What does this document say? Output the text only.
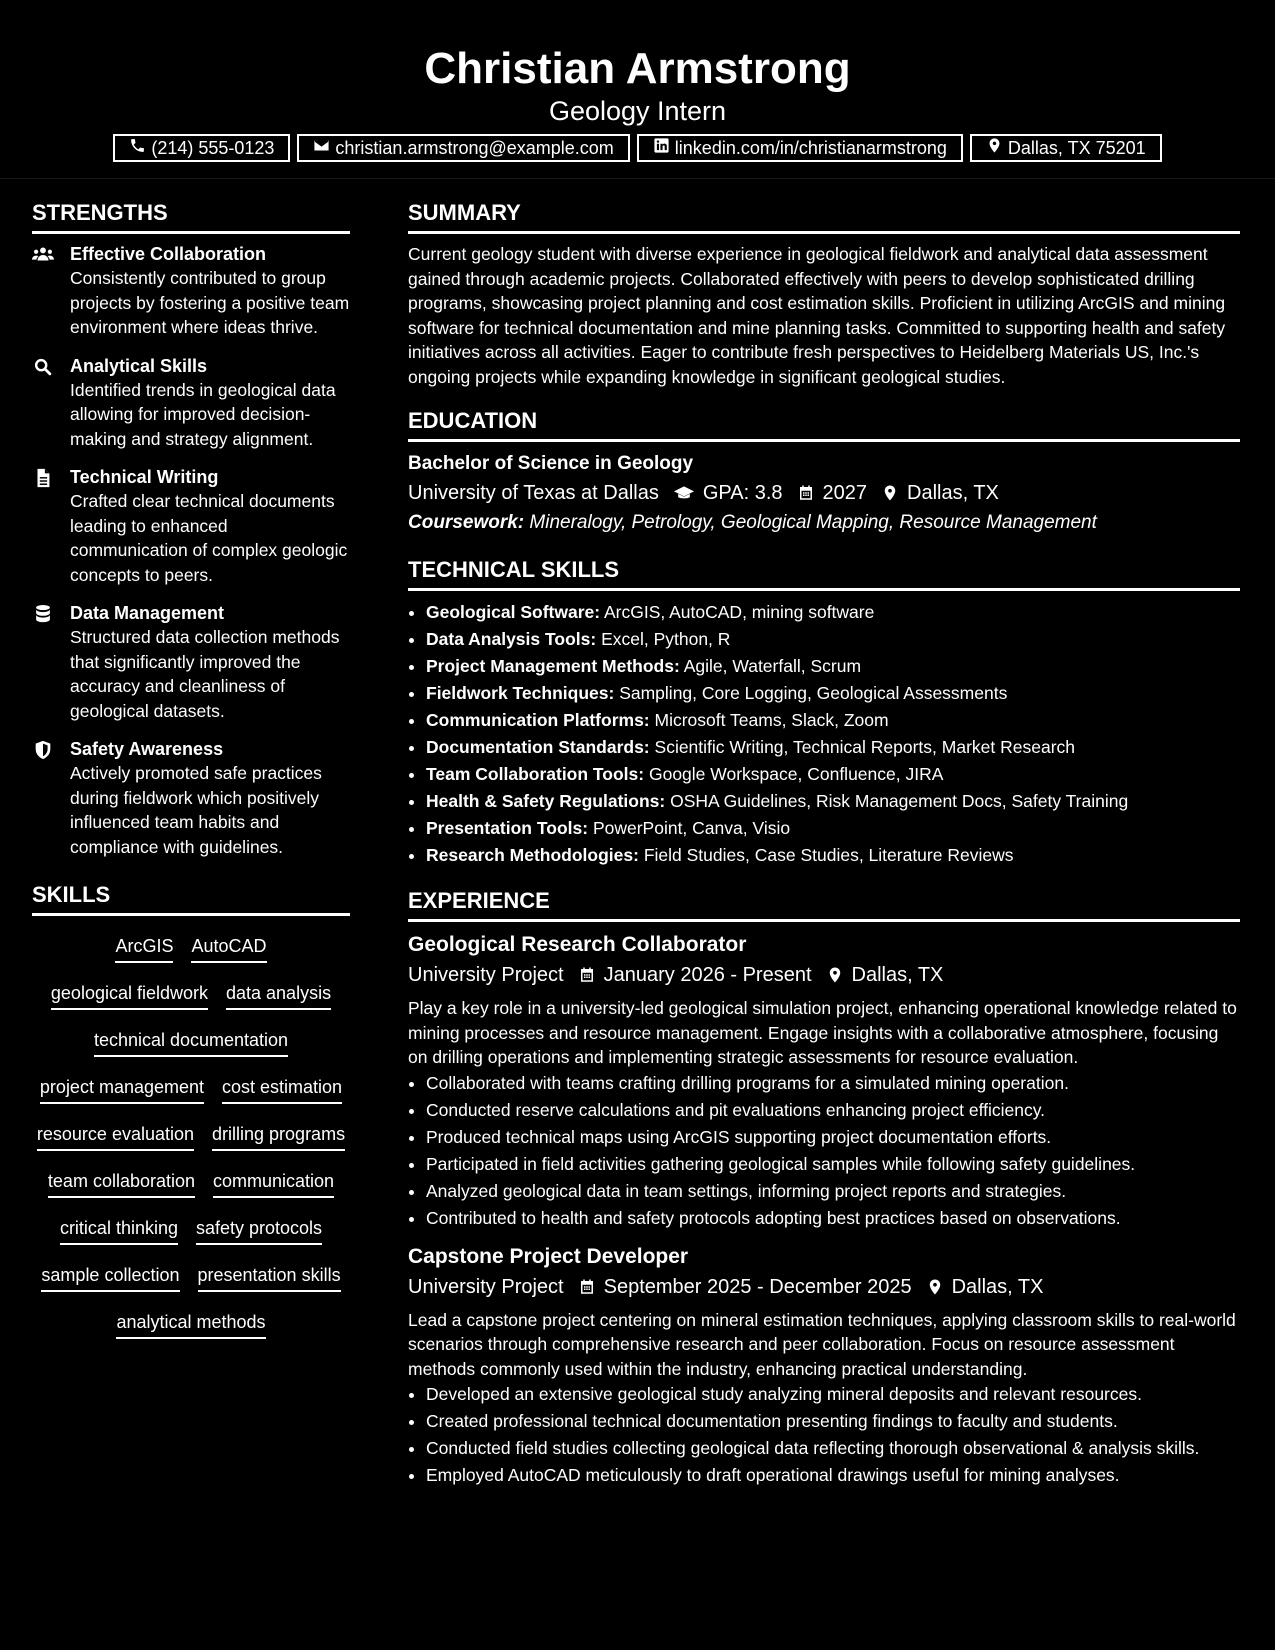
Christian Armstrong
Geology Intern
(214) 555-0123	christian.armstrong@example.com	linkedin.com/in/christianarmstrong	Dallas, TX 75201
STRENGTHS
Effective Collaboration
Consistently contributed to group projects by fostering a positive team environment where ideas thrive.
Analytical Skills
Identified trends in geological data allowing for improved decision-making and strategy alignment.
Technical Writing
Crafted clear technical documents leading to enhanced communication of complex geologic concepts to peers.
Data Management
Structured data collection methods that significantly improved the accuracy and cleanliness of geological datasets.
Safety Awareness
Actively promoted safe practices during fieldwork which positively influenced team habits and compliance with guidelines.
SKILLS
ArcGIS AutoCAD
geological fieldwork data analysis
technical documentation
project management cost estimation
resource evaluation drilling programs
team collaboration communication
critical thinking safety protocols
sample collection presentation skills
analytical methods
SUMMARY
Current geology student with diverse experience in geological fieldwork and analytical data assessment gained through academic projects. Collaborated effectively with peers to develop sophisticated drilling programs, showcasing project planning and cost estimation skills. Proficient in utilizing ArcGIS and mining software for technical documentation and mine planning tasks. Committed to supporting health and safety initiatives across all activities. Eager to contribute fresh perspectives to Heidelberg Materials US, Inc.'s ongoing projects while expanding knowledge in significant geological studies.
EDUCATION
Bachelor of Science in Geology
University of Texas at Dallas GPA: 3.8 2027 Dallas, TX
Coursework: Mineralogy, Petrology, Geological Mapping, Resource Management
TECHNICAL SKILLS
• Geological Software: ArcGIS, AutoCAD, mining software
• Data Analysis Tools: Excel, Python, R
• Project Management Methods: Agile, Waterfall, Scrum
• Fieldwork Techniques: Sampling, Core Logging, Geological Assessments
• Communication Platforms: Microsoft Teams, Slack, Zoom
• Documentation Standards: Scientific Writing, Technical Reports, Market Research
• Team Collaboration Tools: Google Workspace, Confluence, JIRA
• Health & Safety Regulations: OSHA Guidelines, Risk Management Docs, Safety Training
• Presentation Tools: PowerPoint, Canva, Visio
• Research Methodologies: Field Studies, Case Studies, Literature Reviews
EXPERIENCE
Geological Research Collaborator
University Project January 2026 - Present Dallas, TX
Play a key role in a university-led geological simulation project, enhancing operational knowledge related to mining processes and resource management. Engage insights with a collaborative atmosphere, focusing on drilling operations and implementing strategic assessments for resource evaluation.
• Collaborated with teams crafting drilling programs for a simulated mining operation.
• Conducted reserve calculations and pit evaluations enhancing project efficiency.
• Produced technical maps using ArcGIS supporting project documentation efforts.
• Participated in field activities gathering geological samples while following safety guidelines.
• Analyzed geological data in team settings, informing project reports and strategies.
• Contributed to health and safety protocols adopting best practices based on observations.
Capstone Project Developer
University Project September 2025 - December 2025 Dallas, TX
Lead a capstone project centering on mineral estimation techniques, applying classroom skills to real-world scenarios through comprehensive research and peer collaboration. Focus on resource assessment methods commonly used within the industry, enhancing practical understanding.
• Developed an extensive geological study analyzing mineral deposits and relevant resources.
• Created professional technical documentation presenting findings to faculty and students.
• Conducted field studies collecting geological data reflecting thorough observational & analysis skills.
• Employed AutoCAD meticulously to draft operational drawings useful for mining analyses.
